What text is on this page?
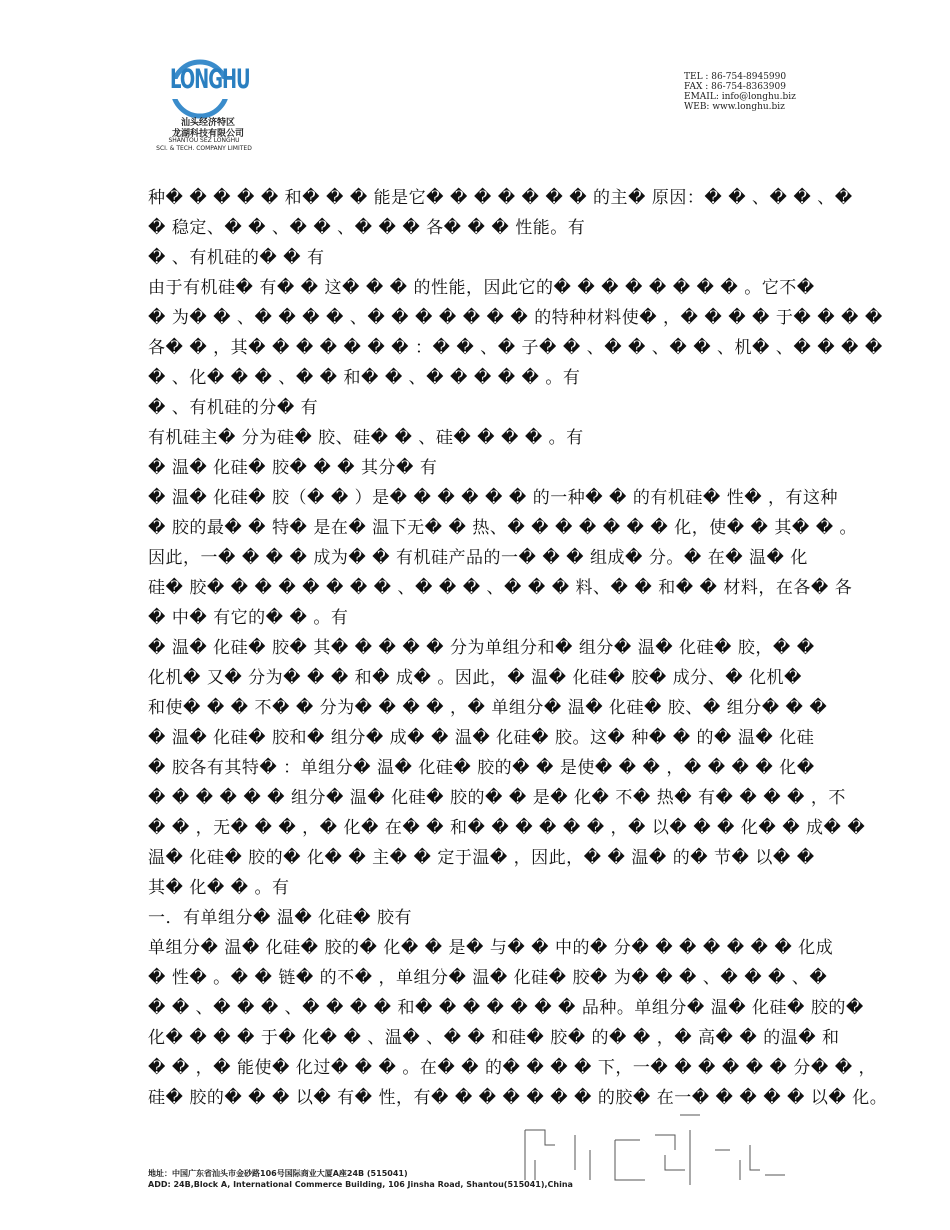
LONGHU
汕头经济特区
龙湖科技有限公司
SHANTOU SEZ LONGHU
SCI. & TECH. COMPANY LIMITED
TEL : 86-754-8945990
FAX : 86-754-8363909
EMAIL: info@longhu.biz
WEB: www.longhu.biz
种� � � � � 和� � � 能是它� � � � � � � 的主� 原因：� � 、� � 、�
� 稳定、� � 、� � 、� � � 各� � � 性能。有
� 、有机硅的� � 有
由于有机硅� 有� � 这� � � 的性能，因此它的� � � � � � � � 。它不�
� 为� � 、� � � � 、� � � � � � � 的特种材料使� ，� � � � 于� � � �
各� � ，其� � � � � � � ：� � 、� 子� � 、� � 、� � 、机� 、� � � �
� 、化� � � 、� � 和� � 、� � � � � 。有
� 、有机硅的分� 有
有机硅主� 分为硅� 胶、硅� � 、硅� � � � 。有
� 温� 化硅� 胶� � � 其分� 有
� 温� 化硅� 胶（� � ）是� � � � � � 的一种� � 的有机硅� 性� ，有这种
� 胶的最� � 特� 是在� 温下无� � 热、� � � � � � � 化，使� � 其� � 。
因此，一� � � � 成为� � 有机硅产品的一� � � 组成� 分。� 在� 温� 化
硅� 胶� � � � � � � � 、� � � 、� � � 料、� � 和� � 材料，在各� 各
� 中� 有它的� � 。有
� 温� 化硅� 胶� 其� � � � � 分为单组分和� 组分� 温� 化硅� 胶，� �
化机� 又� 分为� � � 和� 成� 。因此，� 温� 化硅� 胶� 成分、� 化机�
和使� � � 不� � 分为� � � � ，� 单组分� 温� 化硅� 胶、� 组分� � �
� 温� 化硅� 胶和� 组分� 成� � 温� 化硅� 胶。这� 种� � 的� 温� 化硅
� 胶各有其特� ：单组分� 温� 化硅� 胶的� � 是使� � � ，� � � � 化�
� � � � � � 组分� 温� 化硅� 胶的� � 是� 化� 不� 热� 有� � � � ，不
� � ，无� � � ，� 化� 在� � 和� � � � � � ，� 以� � � 化� � 成� �
温� 化硅� 胶的� 化� � 主� � 定于温� ，因此，� � 温� 的� 节� 以� �
其� 化� � 。有
一．有单组分� 温� 化硅� 胶有
单组分� 温� 化硅� 胶的� 化� � 是� 与� � 中的� 分� � � � � � � 化成
� 性� 。� � 链� 的不� ，单组分� 温� 化硅� 胶� 为� � � 、� � � 、�
� � 、� � � 、� � � � 和� � � � � � � 品种。单组分� 温� 化硅� 胶的�
化� � � � 于� 化� � 、温� 、� � 和硅� 胶� 的� � ，� 高� � 的温� 和
� � ，� 能使� 化过� � � 。在� � 的� � � � 下，一� � � � � � 分� � ，
硅� 胶的� � � 以� 有� 性，有� � � � � � � 的胶� 在一� � � � � 以� 化。
地址：中国广东省汕头市金砂路106号国际商业大厦A座24B (515041)
ADD: 24B,Block A, International Commerce Building, 106 Jinsha Road, Shantou(515041),China
